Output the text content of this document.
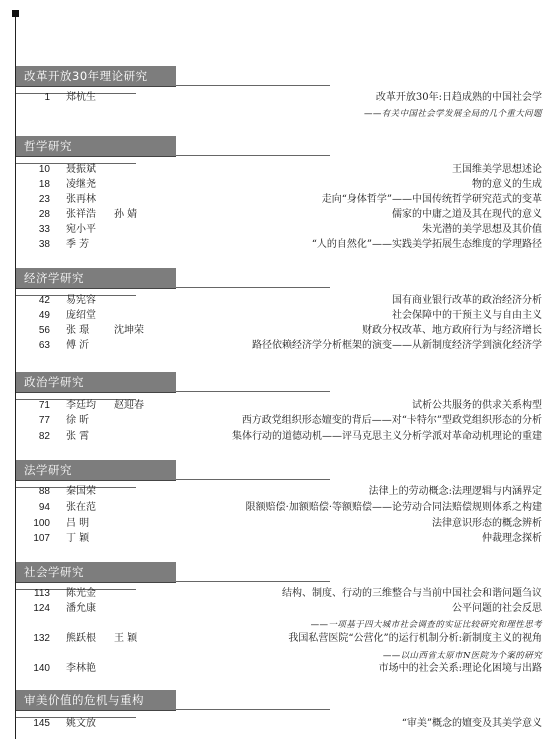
改革开放30年理论研究
1 郑杭生	改革开放30年:日趋成熟的中国社会学
——有关中国社会学发展全局的几个重大问题
哲学研究
10 聂振斌	王国维美学思想述论
18 凌继尧	物的意义的生成
23 张再林	走向“身体哲学”——中国传统哲学研究范式的变革
28 张祥浩 孙 婧	儒家的中庸之道及其在现代的意义
33 宛小平	朱光潜的美学思想及其价值
38 季 芳	“人的自然化”——实践美学拓展生态维度的学理路径
经济学研究
42 易宪容	国有商业银行改革的政治经济分析
49 庞绍堂	社会保障中的干预主义与自由主义
56 张 璟 沈坤荣	财政分权改革、地方政府行为与经济增长
63 傅 沂	路径依赖经济学分析框架的演变——从新制度经济学到演化经济学
政治学研究
71 李廷均 赵迎春	试析公共服务的供求关系构型
77 徐 昕	西方政党组织形态嬗变的背后——对“卡特尔”型政党组织形态的分析
82 张 霄	集体行动的道德动机——评马克思主义分析学派对革命动机理论的重建
法学研究
88 秦国荣	法律上的劳动概念:法理逻辑与内涵界定
94 张在范	限额赔偿·加额赔偿·等额赔偿——论劳动合同法赔偿规则体系之构建
100 吕 明	法律意识形态的概念辨析
107 丁 颖	仲裁理念探析
社会学研究
113 陈光金	结构、制度、行动的三维整合与当前中国社会和谐问题刍议
124 潘允康	公平问题的社会反思
——一项基于四大城市社会调查的实证比较研究和理性思考
132 熊跃根 王 颖	我国私营医院“公营化”的运行机制分析:新制度主义的视角
——以山西省太原市N医院为个案的研究
140 李林艳	市场中的社会关系:理论化困境与出路
审美价值的危机与重构
145 姚文放	“审美”概念的嬗变及其美学意义
